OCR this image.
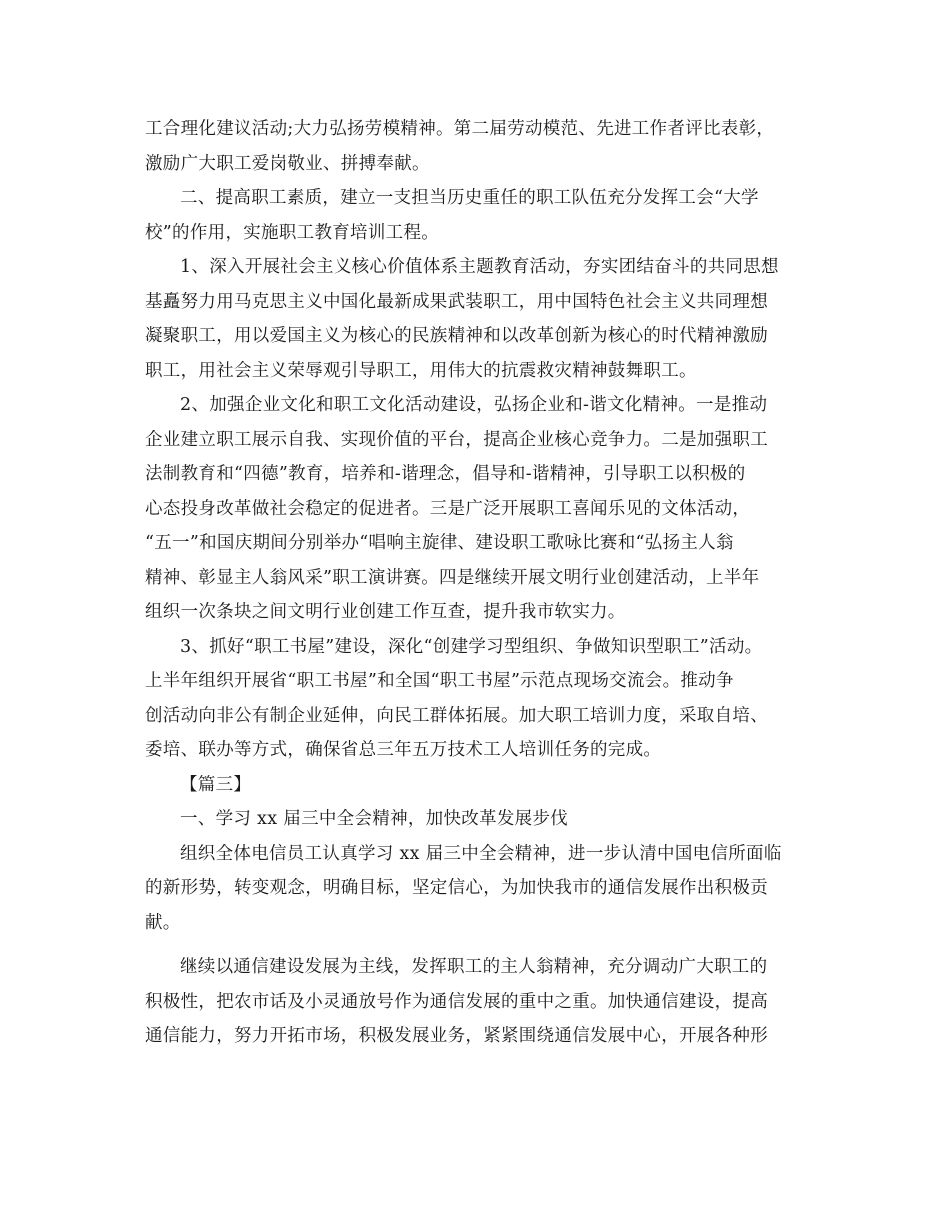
工合理化建议活动;大力弘扬劳模精神。第二届劳动模范、先进工作者评比表彰，
激励广大职工爱岗敬业、拼搏奉献。
二、提高职工素质，建立一支担当历史重任的职工队伍充分发挥工会“大学
校”的作用，实施职工教育培训工程。
1、深入开展社会主义核心价值体系主题教育活动，夯实团结奋斗的共同思想
基矗努力用马克思主义中国化最新成果武装职工，用中国特色社会主义共同理想
凝聚职工，用以爱国主义为核心的民族精神和以改革创新为核心的时代精神激励
职工，用社会主义荣辱观引导职工，用伟大的抗震救灾精神鼓舞职工。
2、加强企业文化和职工文化活动建设，弘扬企业和-谐文化精神。一是推动
企业建立职工展示自我、实现价值的平台，提高企业核心竞争力。二是加强职工
法制教育和“四德”教育，培养和-谐理念，倡导和-谐精神，引导职工以积极的
心态投身改革做社会稳定的促进者。三是广泛开展职工喜闻乐见的文体活动，
“五一”和国庆期间分别举办“唱响主旋律、建设职工歌咏比赛和“弘扬主人翁
精神、彰显主人翁风采”职工演讲赛。四是继续开展文明行业创建活动，上半年
组织一次条块之间文明行业创建工作互查，提升我市软实力。
3、抓好“职工书屋”建设，深化“创建学习型组织、争做知识型职工”活动。
上半年组织开展省“职工书屋”和全国“职工书屋”示范点现场交流会。推动争
创活动向非公有制企业延伸，向民工群体拓展。加大职工培训力度，采取自培、
委培、联办等方式，确保省总三年五万技术工人培训任务的完成。
【篇三】
一、学习 xx 届三中全会精神，加快改革发展步伐
组织全体电信员工认真学习 xx 届三中全会精神，进一步认清中国电信所面临
的新形势，转变观念，明确目标，坚定信心，为加快我市的通信发展作出积极贡
献。
继续以通信建设发展为主线，发挥职工的主人翁精神，充分调动广大职工的
积极性，把农市话及小灵通放号作为通信发展的重中之重。加快通信建设，提高
通信能力，努力开拓市场，积极发展业务，紧紧围绕通信发展中心，开展各种形
